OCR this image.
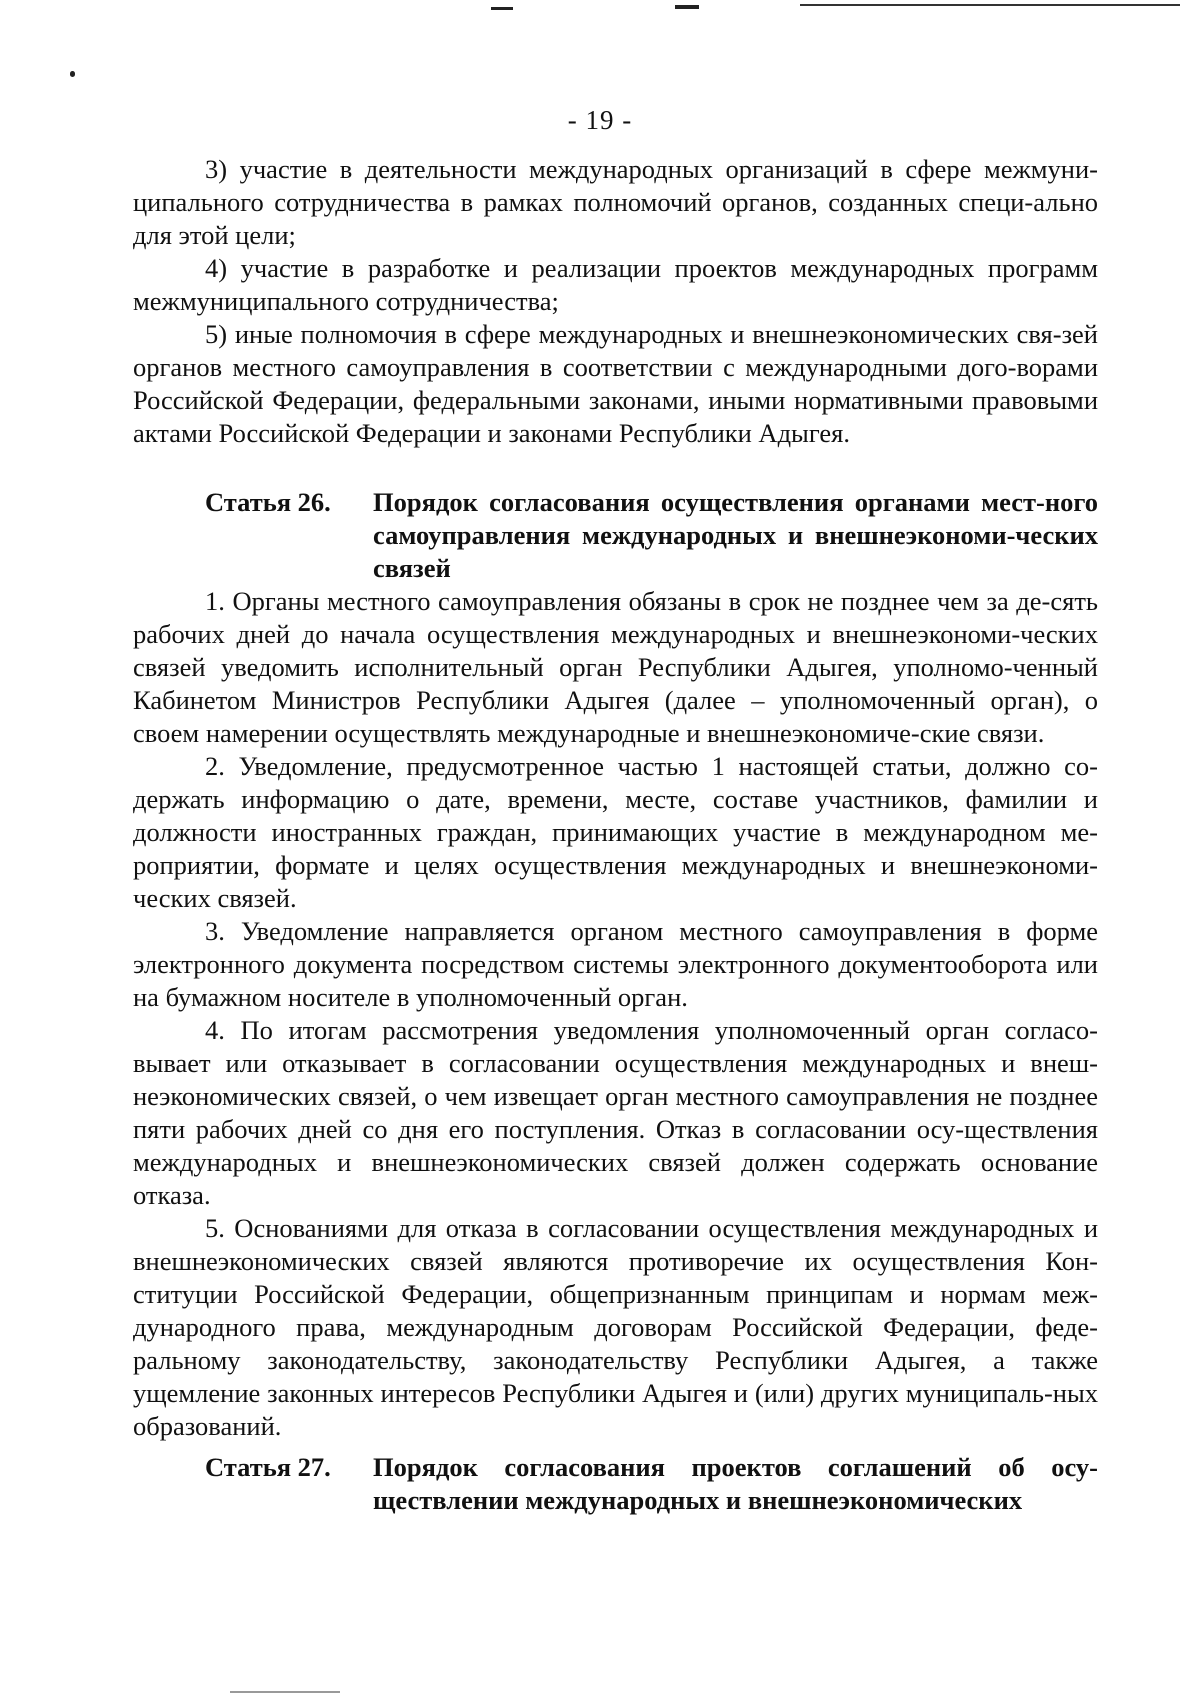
- 19 -

3) участие в деятельности международных организаций в сфере межмуни-ципального сотрудничества в рамках полномочий органов, созданных специ-ально для этой цели;

4) участие в разработке и реализации проектов международных программ межмуниципального сотрудничества;

5) иные полномочия в сфере международных и внешнеэкономических свя-зей органов местного самоуправления в соответствии с международными дого-ворами Российской Федерации, федеральными законами, иными нормативными правовыми актами Российской Федерации и законами Республики Адыгея.

Статья 26. Порядок согласования осуществления органами мест-ного самоуправления международных и внешнеэкономи-ческих связей

1. Органы местного самоуправления обязаны в срок не позднее чем за де-сять рабочих дней до начала осуществления международных и внешнеэкономи-ческих связей уведомить исполнительный орган Республики Адыгея, уполномо-ченный Кабинетом Министров Республики Адыгея (далее – уполномоченный орган), о своем намерении осуществлять международные и внешнеэкономиче-ские связи.

2. Уведомление, предусмотренное частью 1 настоящей статьи, должно со-держать информацию о дате, времени, месте, составе участников, фамилии и должности иностранных граждан, принимающих участие в международном ме-роприятии, формате и целях осуществления международных и внешнеэкономи-ческих связей.

3. Уведомление направляется органом местного самоуправления в форме электронного документа посредством системы электронного документооборота или на бумажном носителе в уполномоченный орган.

4. По итогам рассмотрения уведомления уполномоченный орган согласо-вывает или отказывает в согласовании осуществления международных и внеш-неэкономических связей, о чем извещает орган местного самоуправления не позднее пяти рабочих дней со дня его поступления. Отказ в согласовании осу-ществления международных и внешнеэкономических связей должен содержать основание отказа.

5. Основаниями для отказа в согласовании осуществления международных и внешнеэкономических связей являются противоречие их осуществления Кон-ституции Российской Федерации, общепризнанным принципам и нормам меж-дународного права, международным договорам Российской Федерации, феде-ральному законодательству, законодательству Республики Адыгея, а также ущемление законных интересов Республики Адыгея и (или) других муниципаль-ных образований.

Статья 27. Порядок согласования проектов соглашений об осу-ществлении международных и внешнеэкономических
